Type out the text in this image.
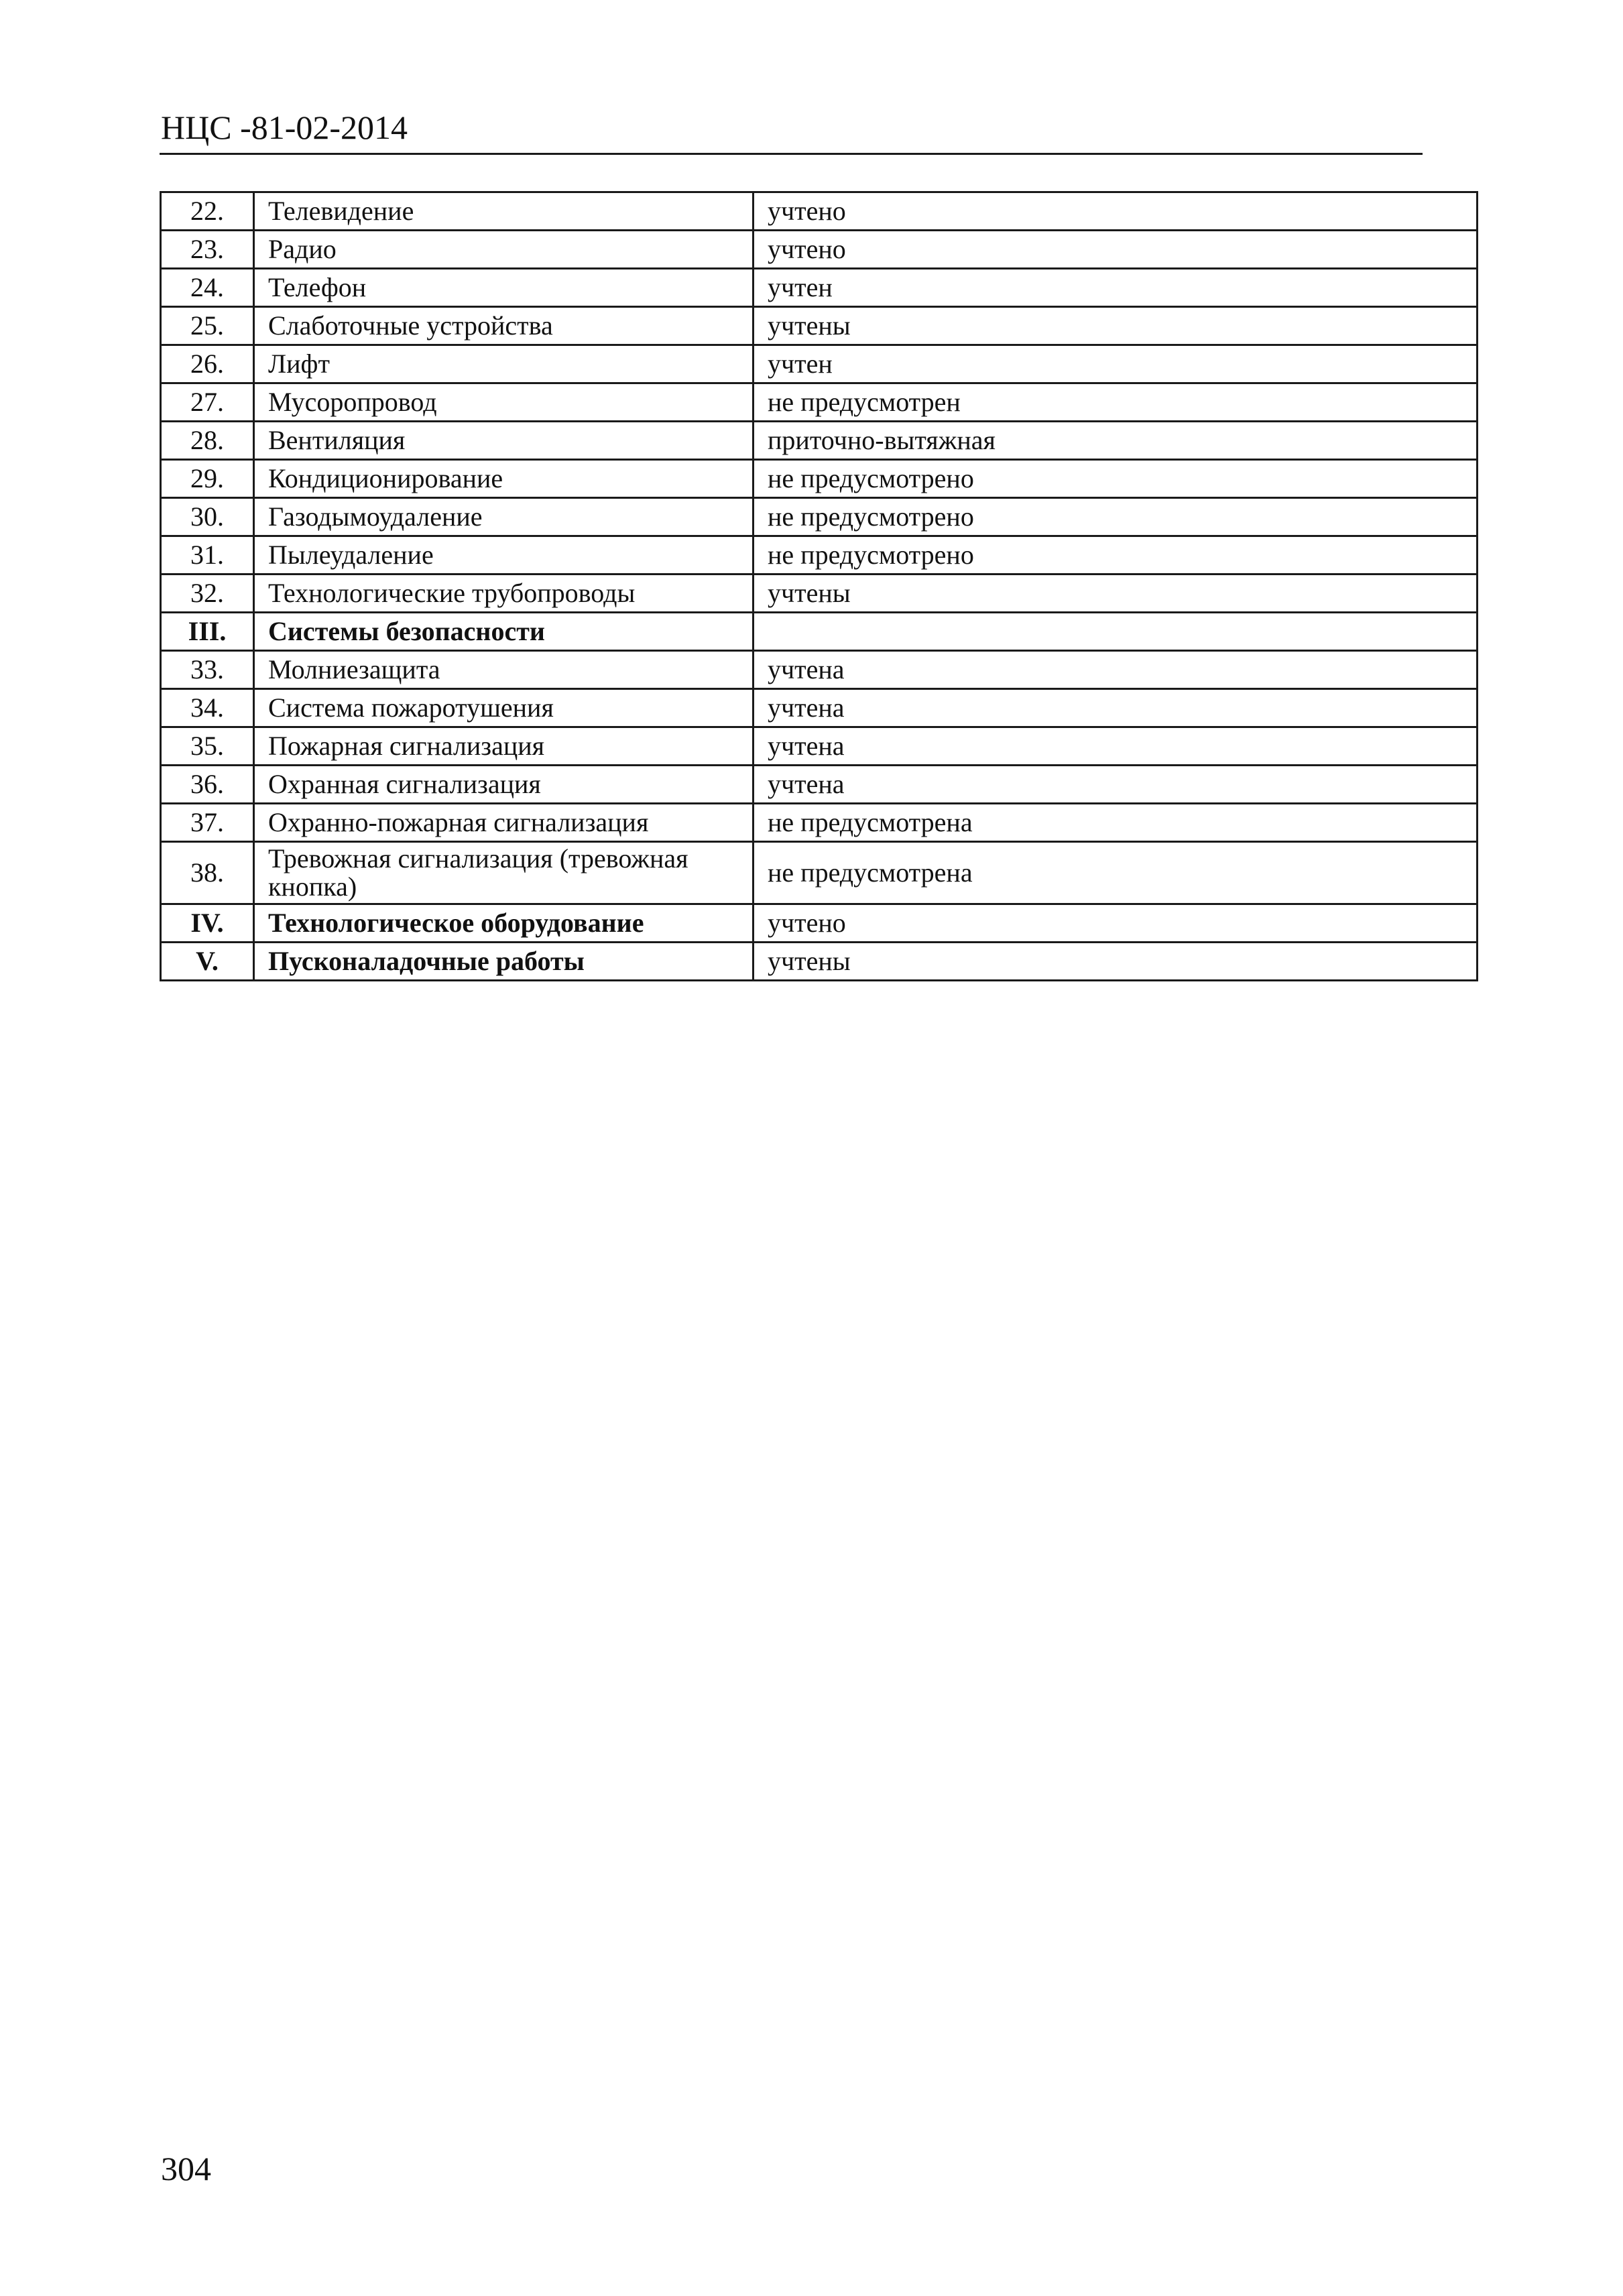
НЦС -81-02-2014
22.	Телевидение	учтено
23.	Радио	учтено
24.	Телефон	учтен
25.	Слаботочные устройства	учтены
26.	Лифт	учтен
27.	Мусоропровод	не предусмотрен
28.	Вентиляция	приточно-вытяжная
29.	Кондиционирование	не предусмотрено
30.	Газодымоудаление	не предусмотрено
31.	Пылеудаление	не предусмотрено
32.	Технологические трубопроводы	учтены
III.	Системы безопасности	
33.	Молниезащита	учтена
34.	Система пожаротушения	учтена
35.	Пожарная сигнализация	учтена
36.	Охранная сигнализация	учтена
37.	Охранно-пожарная сигнализация	не предусмотрена
38.	Тревожная сигнализация (тревожная кнопка)	не предусмотрена
IV.	Технологическое оборудование	учтено
V.	Пусконаладочные работы	учтены
304
